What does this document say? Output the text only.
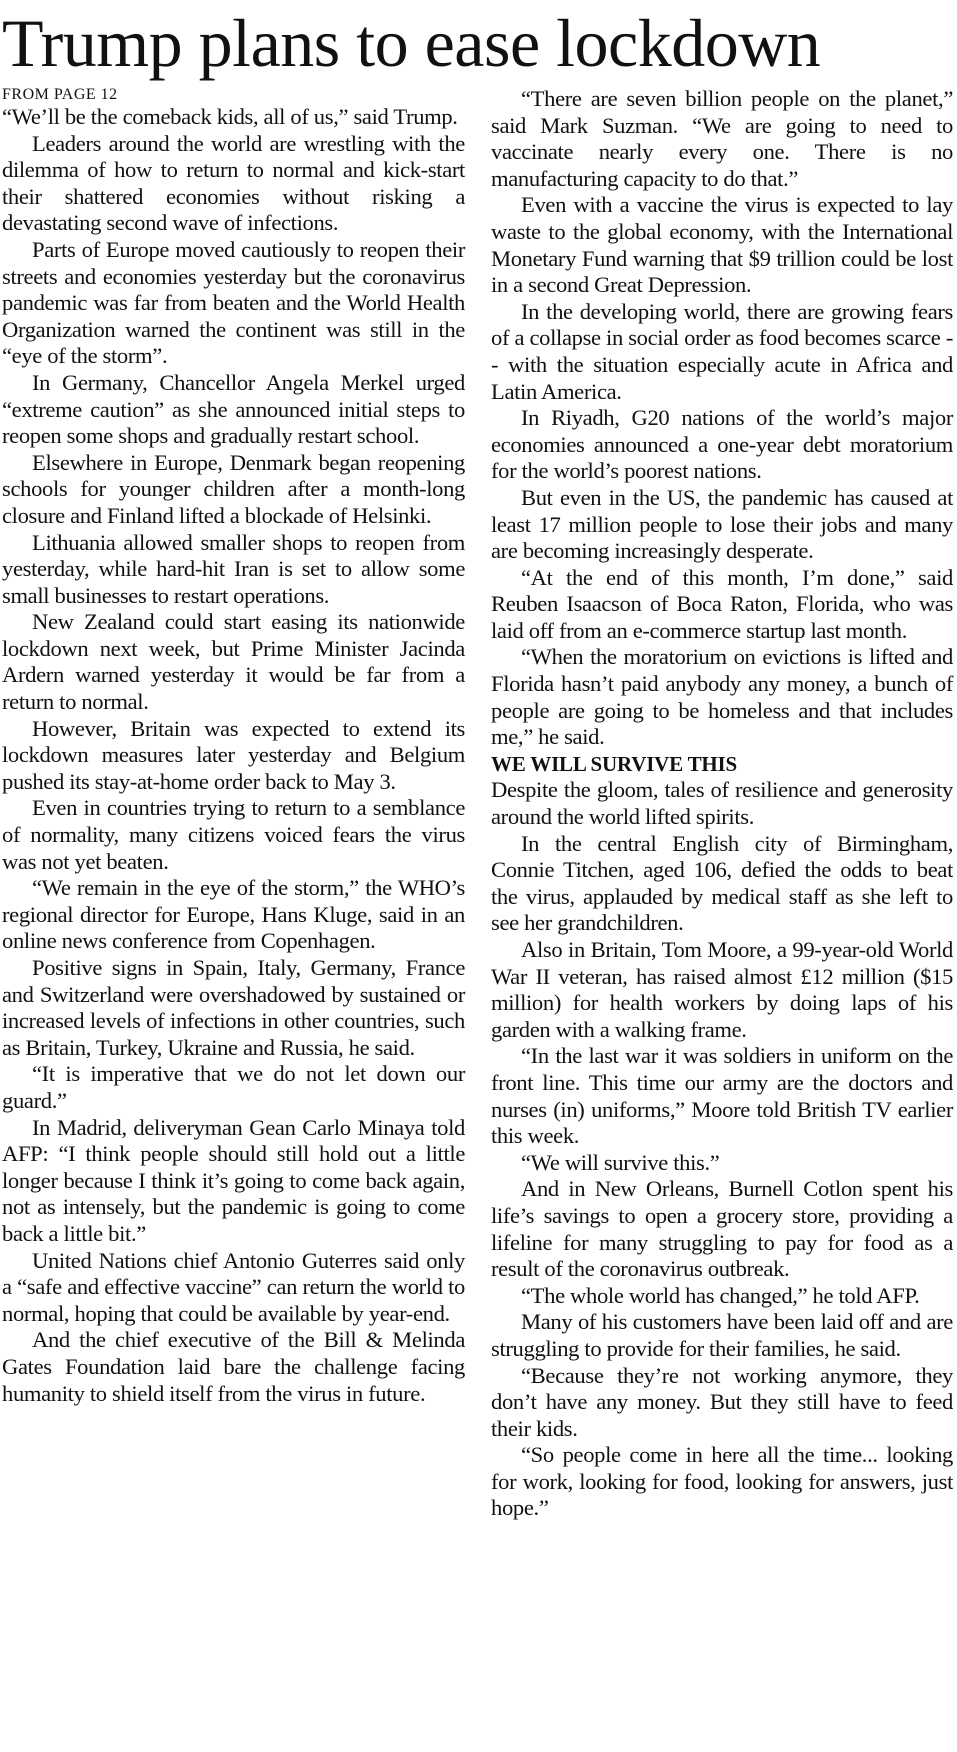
Trump plans to ease lockdown
FROM PAGE 12

“We’ll be the comeback kids, all of us,” said Trump.

Leaders around the world are wrestling with the dilemma of how to return to normal and kick-start their shattered economies without risking a devastating second wave of infections.

Parts of Europe moved cautiously to reopen their streets and economies yesterday but the coronavirus pandemic was far from beaten and the World Health Organization warned the continent was still in the “eye of the storm”.

In Germany, Chancellor Angela Merkel urged “extreme caution” as she announced initial steps to reopen some shops and gradually restart school.

Elsewhere in Europe, Denmark began reopening schools for younger children after a month-long closure and Finland lifted a blockade of Helsinki.

Lithuania allowed smaller shops to reopen from yesterday, while hard-hit Iran is set to allow some small businesses to restart operations.

New Zealand could start easing its nationwide lockdown next week, but Prime Minister Jacinda Ardern warned yesterday it would be far from a return to normal.

However, Britain was expected to extend its lockdown measures later yesterday and Belgium pushed its stay-at-home order back to May 3.

Even in countries trying to return to a semblance of normality, many citizens voiced fears the virus was not yet beaten.

“We remain in the eye of the storm,” the WHO’s regional director for Europe, Hans Kluge, said in an online news conference from Copenhagen.

Positive signs in Spain, Italy, Germany, France and Switzerland were overshadowed by sustained or increased levels of infections in other countries, such as Britain, Turkey, Ukraine and Russia, he said.

“It is imperative that we do not let down our guard.”

In Madrid, deliveryman Gean Carlo Minaya told AFP: “I think people should still hold out a little longer because I think it’s going to come back again, not as intensely, but the pandemic is going to come back a little bit.”

United Nations chief Antonio Guterres said only a “safe and effective vaccine” can return the world to normal, hoping that could be available by year-end.

And the chief executive of the Bill & Melinda Gates Foundation laid bare the challenge facing humanity to shield itself from the virus in future.

“There are seven billion people on the planet,” said Mark Suzman. “We are going to need to vaccinate nearly every one. There is no manufacturing capacity to do that.”

Even with a vaccine the virus is expected to lay waste to the global economy, with the International Monetary Fund warning that $9 trillion could be lost in a second Great Depression.

In the developing world, there are growing fears of a collapse in social order as food becomes scarce -- with the situation especially acute in Africa and Latin America.

In Riyadh, G20 nations of the world’s major economies announced a one-year debt moratorium for the world’s poorest nations.

But even in the US, the pandemic has caused at least 17 million people to lose their jobs and many are becoming increasingly desperate.

“At the end of this month, I’m done,” said Reuben Isaacson of Boca Raton, Florida, who was laid off from an e-commerce startup last month.

“When the moratorium on evictions is lifted and Florida hasn’t paid anybody any money, a bunch of people are going to be homeless and that includes me,” he said.

WE WILL SURVIVE THIS

Despite the gloom, tales of resilience and generosity around the world lifted spirits.

In the central English city of Birmingham, Connie Titchen, aged 106, defied the odds to beat the virus, applauded by medical staff as she left to see her grandchildren.

Also in Britain, Tom Moore, a 99-year-old World War II veteran, has raised almost £12 million ($15 million) for health workers by doing laps of his garden with a walking frame.

“In the last war it was soldiers in uniform on the front line. This time our army are the doctors and nurses (in) uniforms,” Moore told British TV earlier this week.

“We will survive this.”

And in New Orleans, Burnell Cotlon spent his life’s savings to open a grocery store, providing a lifeline for many struggling to pay for food as a result of the coronavirus outbreak.

“The whole world has changed,” he told AFP.

Many of his customers have been laid off and are struggling to provide for their families, he said.

“Because they’re not working anymore, they don’t have any money. But they still have to feed their kids.

“So people come in here all the time... looking for work, looking for food, looking for answers, just hope.”
